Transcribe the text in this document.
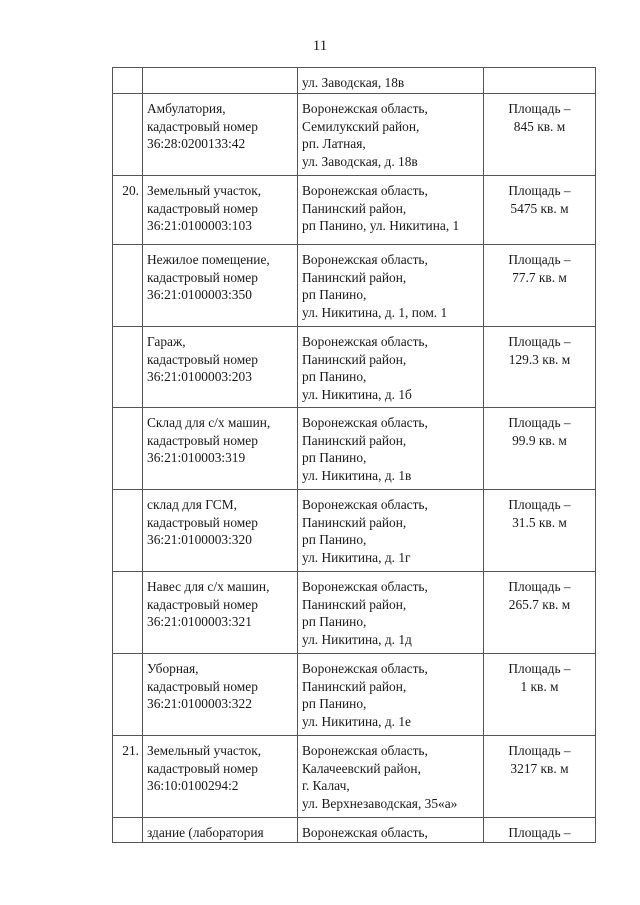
11

		ул. Заводская, 18в	

	Амбулатория,
кадастровый номер
36:28:0200133:42	Воронежская область,
Семилукский район,
рп. Латная,
ул. Заводская, д. 18в	Площадь –
845 кв. м

20.	Земельный участок,
кадастровый номер
36:21:0100003:103	Воронежская область,
Панинский район,
рп Панино, ул. Никитина, 1	Площадь –
5475 кв. м

	Нежилое помещение,
кадастровый номер
36:21:0100003:350	Воронежская область,
Панинский район,
рп Панино,
ул. Никитина, д. 1, пом. 1	Площадь –
77.7 кв. м

	Гараж,
кадастровый номер
36:21:0100003:203	Воронежская область,
Панинский район,
рп Панино,
ул. Никитина, д. 1б	Площадь –
129.3 кв. м

	Склад для с/х машин,
кадастровый номер
36:21:010003:319	Воронежская область,
Панинский район,
рп Панино,
ул. Никитина, д. 1в	Площадь –
99.9 кв. м

	склад для ГСМ,
кадастровый номер
36:21:0100003:320	Воронежская область,
Панинский район,
рп Панино,
ул. Никитина, д. 1г	Площадь –
31.5 кв. м

	Навес для с/х машин,
кадастровый номер
36:21:0100003:321	Воронежская область,
Панинский район,
рп Панино,
ул. Никитина, д. 1д	Площадь –
265.7 кв. м

	Уборная,
кадастровый номер
36:21:0100003:322	Воронежская область,
Панинский район,
рп Панино,
ул. Никитина, д. 1е	Площадь –
1 кв. м

21.	Земельный участок,
кадастровый номер
36:10:0100294:2	Воронежская область,
Калачеевский район,
г. Калач,
ул. Верхнезаводская, 35«а»	Площадь –
3217 кв. м

	здание (лаборатория	Воронежская область,	Площадь –
